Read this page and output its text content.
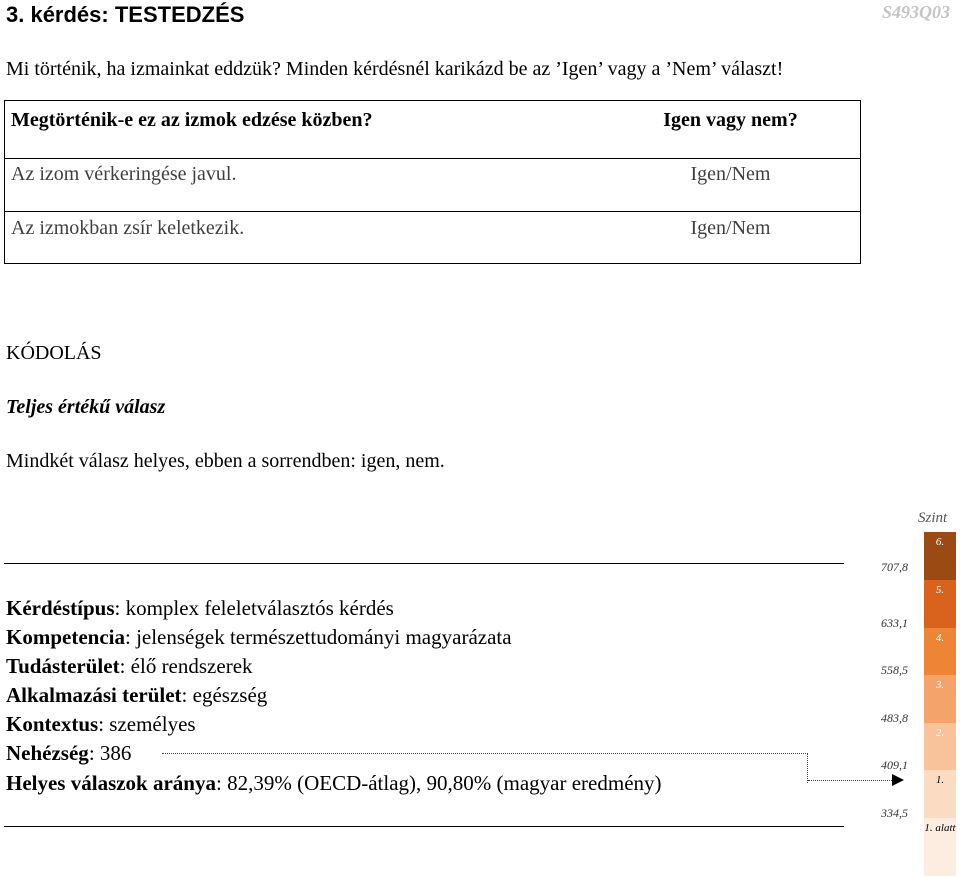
3. kérdés: TESTEDZÉS	S493Q03
Mi történik, ha izmainkat eddzük? Minden kérdésnél karikázd be az ’Igen’ vagy a ’Nem’ választ!
Megtörténik-e ez az izmok edzése közben?	Igen vagy nem?
Az izom vérkeringése javul.	Igen/Nem
Az izmokban zsír keletkezik.	Igen/Nem
KÓDOLÁS
Teljes értékű válasz
Mindkét válasz helyes, ebben a sorrendben: igen, nem.
Kérdéstípus: komplex feleletválasztós kérdés
Kompetencia: jelenségek természettudományi magyarázata
Tudásterület: élő rendszerek
Alkalmazási terület: egészség
Kontextus: személyes
Nehézség: 386
Helyes válaszok aránya: 82,39% (OECD-átlag), 90,80% (magyar eredmény)
Szint
707,8
633,1
558,5
483,8
409,1
334,5
6.
5.
4.
3.
2.
1.
1. alatt
